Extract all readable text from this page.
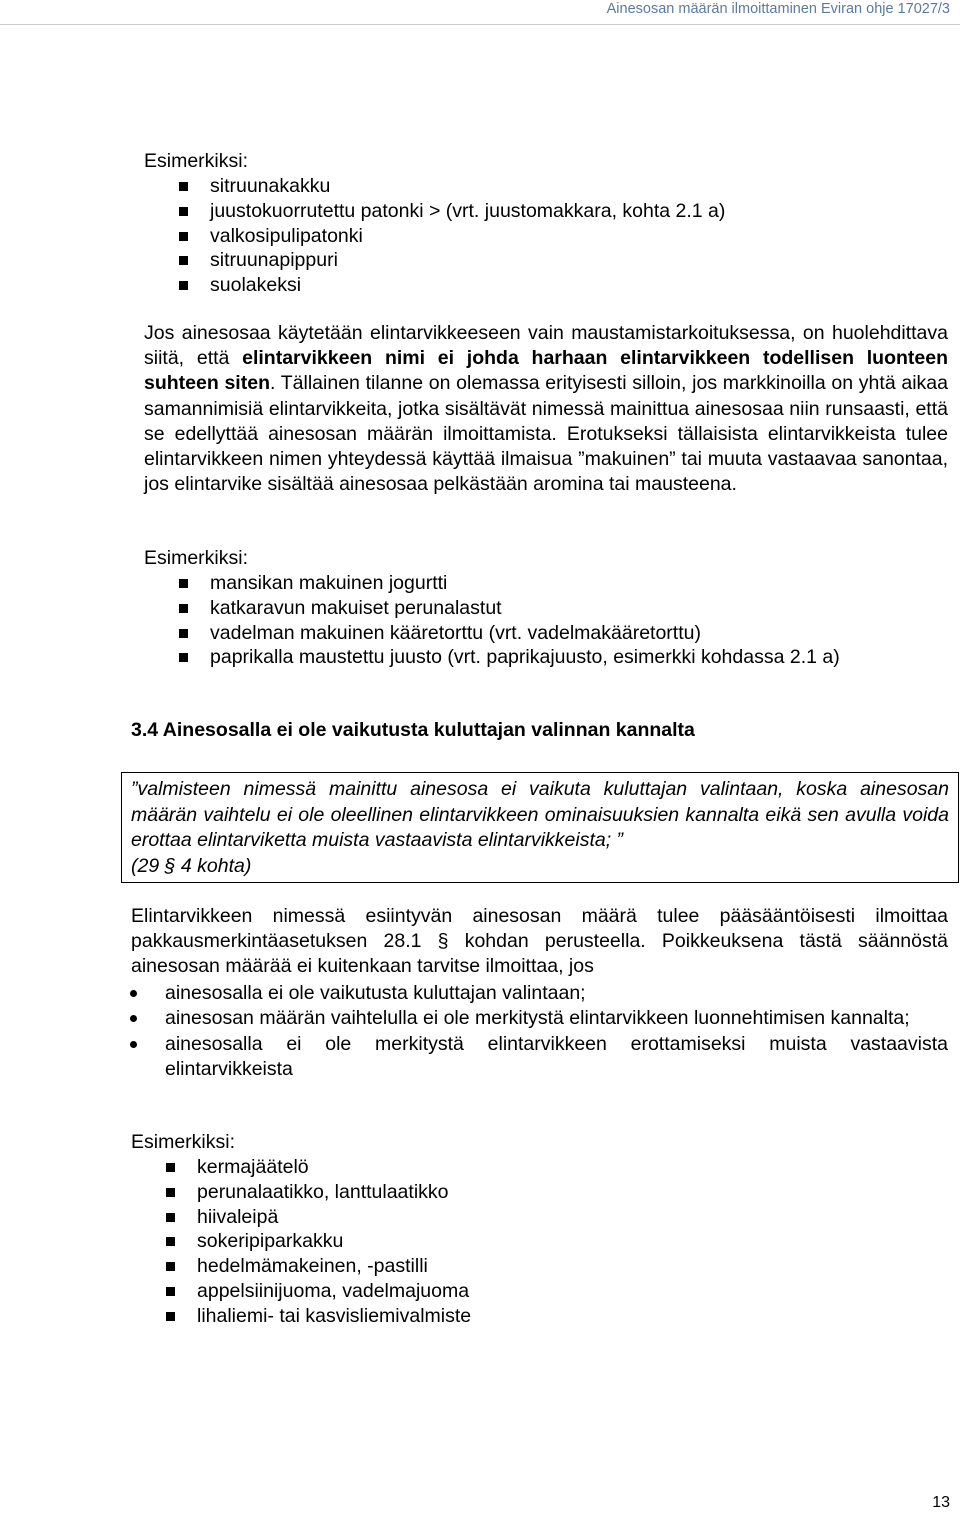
Ainesosan määrän ilmoittaminen Eviran ohje 17027/3
Esimerkiksi:
sitruunakakku
juustokuorrutettu patonki > (vrt. juustomakkara, kohta 2.1 a)
valkosipulipatonki
sitruunapippuri
suolakeksi
Jos ainesosaa käytetään elintarvikkeeseen vain maustamistarkoituksessa, on huolehdittava siitä, että elintarvikkeen nimi ei johda harhaan elintarvikkeen todellisen luonteen suhteen siten. Tällainen tilanne on olemassa erityisesti silloin, jos markkinoilla on yhtä aikaa samannimisiä elintarvikkeita, jotka sisältävät nimessä mainittua ainesosaa niin runsaasti, että se edellyttää ainesosan määrän ilmoittamista. Erotukseksi tällaisista elintarvikkeista tulee elintarvikkeen nimen yhteydessä käyttää ilmaisua ”makuinen” tai muuta vastaavaa sanontaa, jos elintarvike sisältää ainesosaa pelkästään aromina tai mausteena.
Esimerkiksi:
mansikan makuinen jogurtti
katkaravun makuiset perunalastut
vadelman makuinen kääretorttu (vrt. vadelmakääretorttu)
paprikalla maustettu juusto (vrt. paprikajuusto, esimerkki kohdassa 2.1 a)
3.4 Ainesosalla ei ole vaikutusta kuluttajan valinnan kannalta
”valmisteen nimessä mainittu ainesosa ei vaikuta kuluttajan valintaan, koska ainesosan määrän vaihtelu ei ole oleellinen elintarvikkeen ominaisuuksien kannalta eikä sen avulla voida erottaa elintarviketta muista vastaavista elintarvikkeista; ”
(29 § 4 kohta)
Elintarvikkeen nimessä esiintyvän ainesosan määrä tulee pääsääntöisesti ilmoittaa pakkausmerkintäasetuksen 28.1 § kohdan perusteella. Poikkeuksena tästä säännöstä ainesosan määrää ei kuitenkaan tarvitse ilmoittaa, jos
ainesosalla ei ole vaikutusta kuluttajan valintaan;
ainesosan määrän vaihtelulla ei ole merkitystä elintarvikkeen luonnehtimisen kannalta;
ainesosalla ei ole merkitystä elintarvikkeen erottamiseksi muista vastaavista elintarvikkeista
Esimerkiksi:
kermajäätelö
perunalaatikko, lanttulaatikko
hiivaleipä
sokeripiparkakku
hedelmämakeinen, -pastilli
appelsiinijuoma, vadelmajuoma
lihaliemi- tai kasvisliemivalmiste
13
